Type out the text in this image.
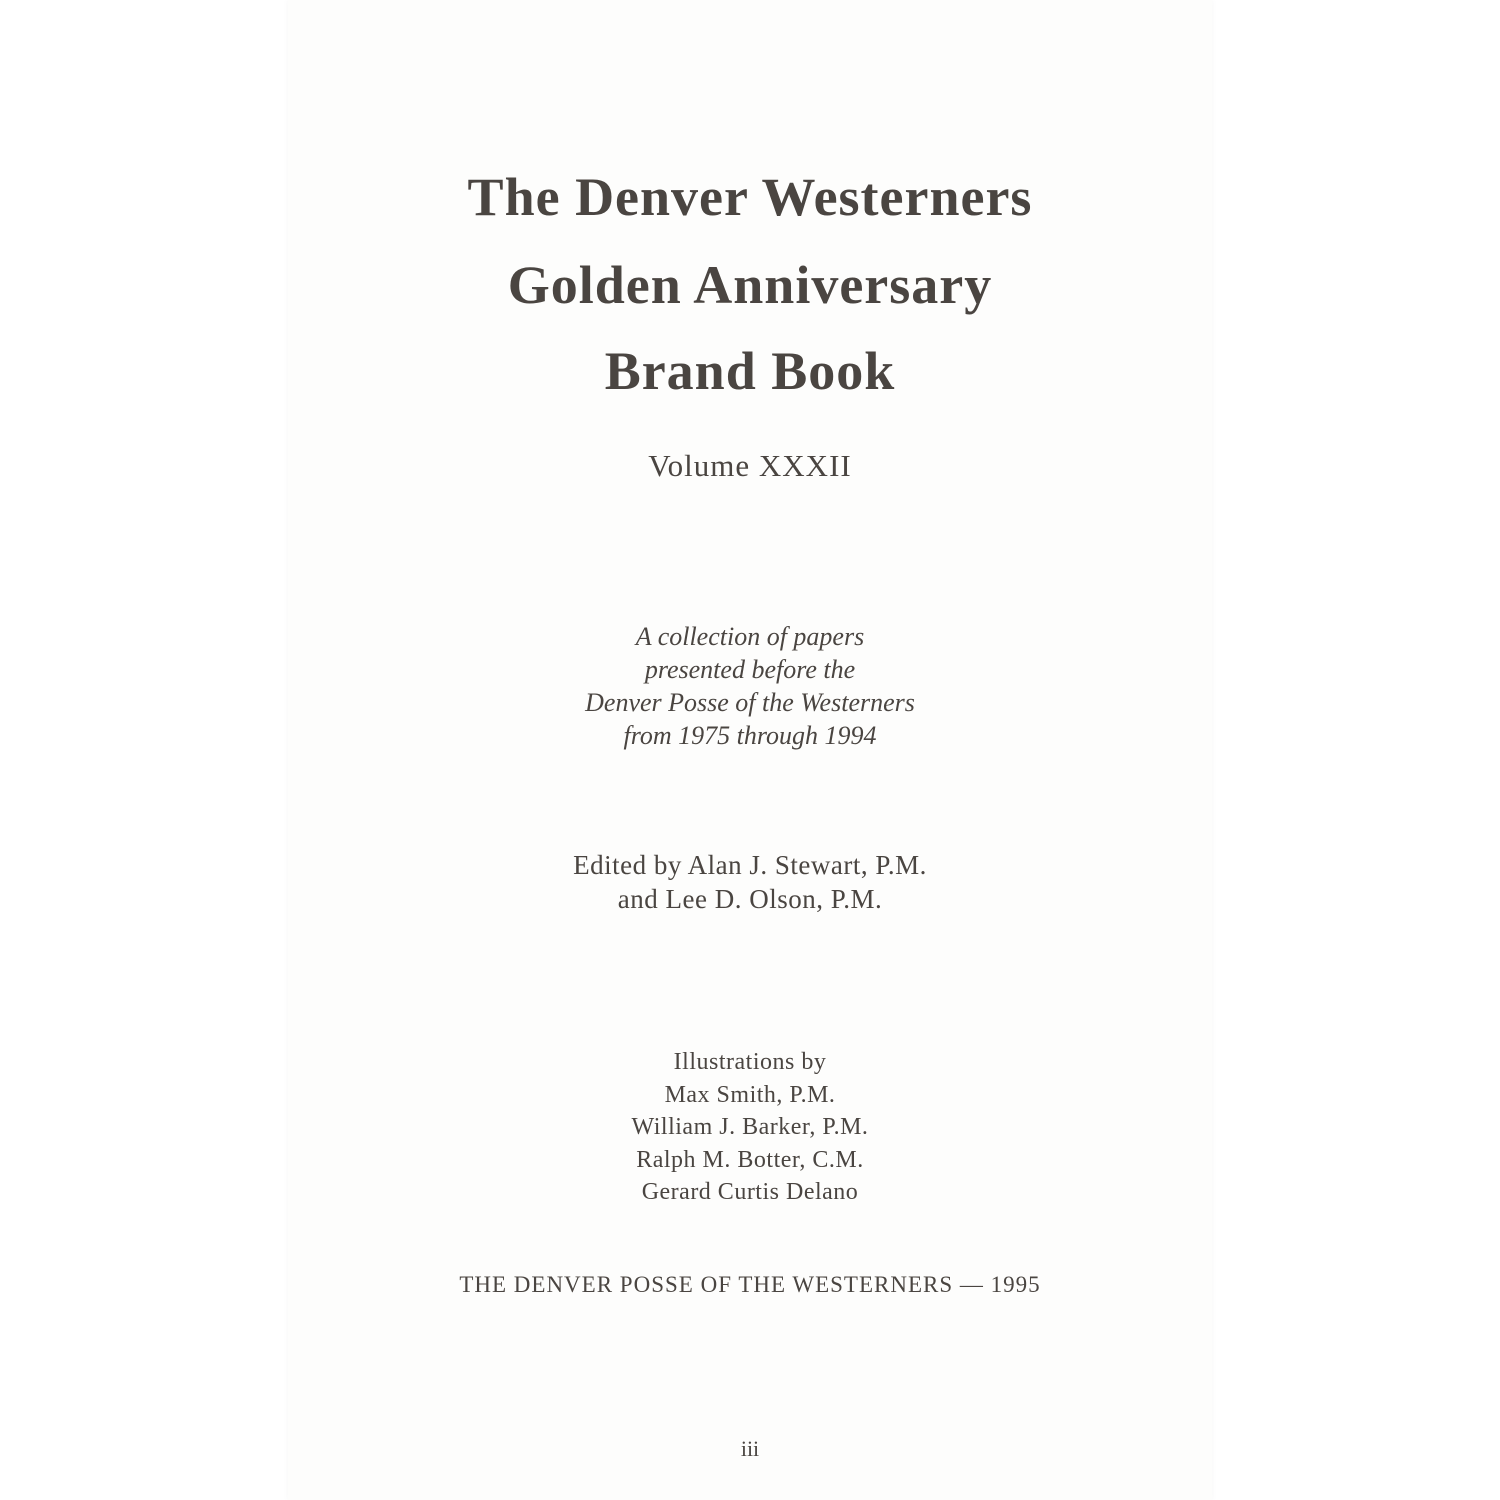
The Denver Westerners
Golden Anniversary
Brand Book
Volume XXXII
A collection of papers
presented before the
Denver Posse of the Westerners
from 1975 through 1994
Edited by Alan J. Stewart, P.M.
and Lee D. Olson, P.M.
Illustrations by
Max Smith, P.M.
William J. Barker, P.M.
Ralph M. Botter, C.M.
Gerard Curtis Delano
THE DENVER POSSE OF THE WESTERNERS — 1995
iii
